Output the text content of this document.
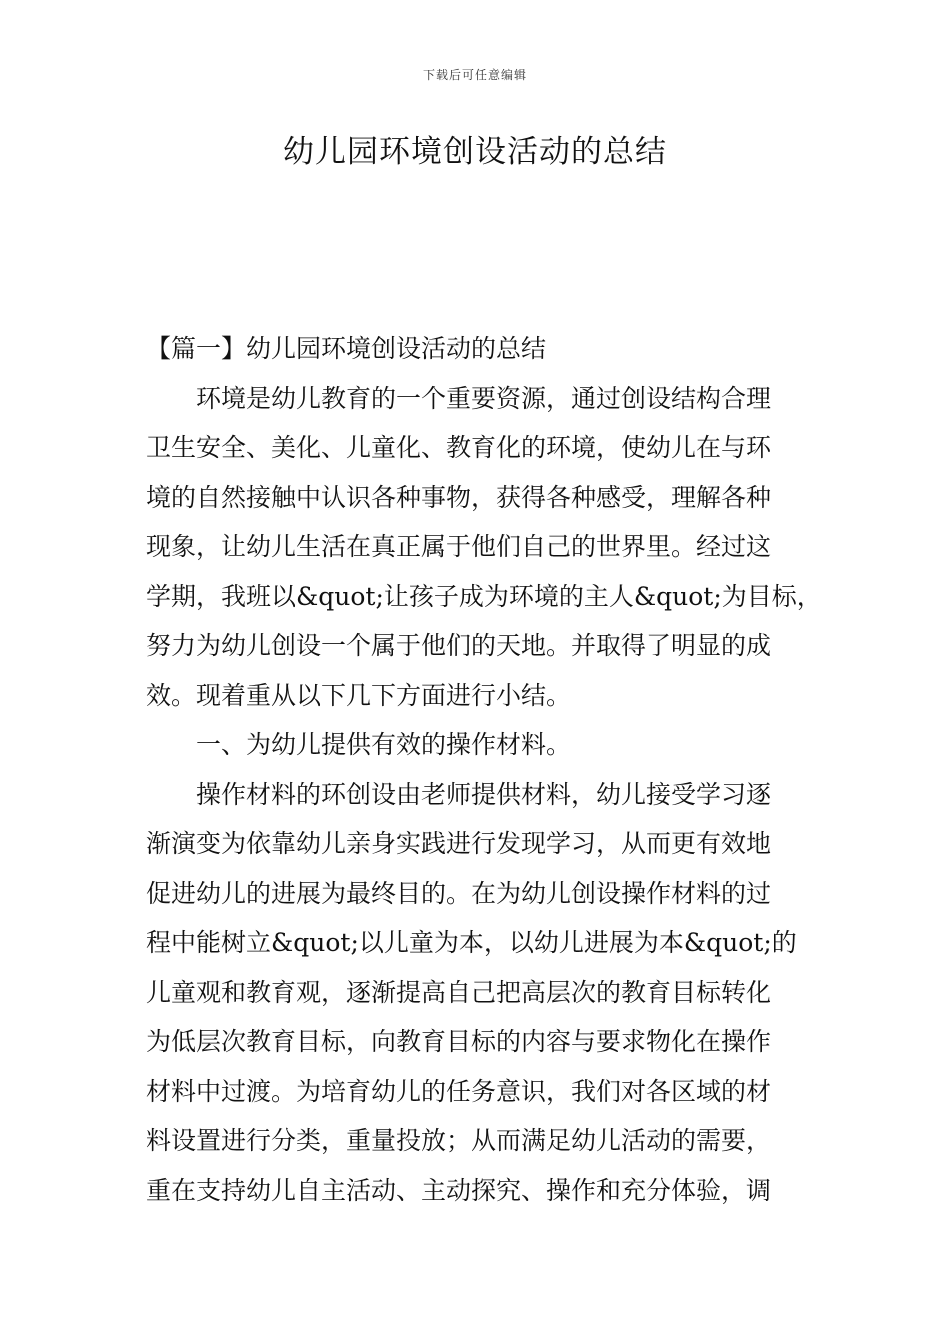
下载后可任意编辑
幼儿园环境创设活动的总结
【篇一】幼儿园环境创设活动的总结
环境是幼儿教育的一个重要资源，通过创设结构合理
卫生安全、美化、儿童化、教育化的环境，使幼儿在与环
境的自然接触中认识各种事物，获得各种感受，理解各种
现象，让幼儿生活在真正属于他们自己的世界里。经过这
学期，我班以&quot;让孩子成为环境的主人&quot;为目标，
努力为幼儿创设一个属于他们的天地。并取得了明显的成
效。现着重从以下几下方面进行小结。
一、为幼儿提供有效的操作材料。
操作材料的环创设由老师提供材料，幼儿接受学习逐
渐演变为依靠幼儿亲身实践进行发现学习，从而更有效地
促进幼儿的进展为最终目的。在为幼儿创设操作材料的过
程中能树立&quot;以儿童为本，以幼儿进展为本&quot;的
儿童观和教育观，逐渐提高自己把高层次的教育目标转化
为低层次教育目标，向教育目标的内容与要求物化在操作
材料中过渡。为培育幼儿的任务意识，我们对各区域的材
料设置进行分类，重量投放；从而满足幼儿活动的需要，
重在支持幼儿自主活动、主动探究、操作和充分体验，调
